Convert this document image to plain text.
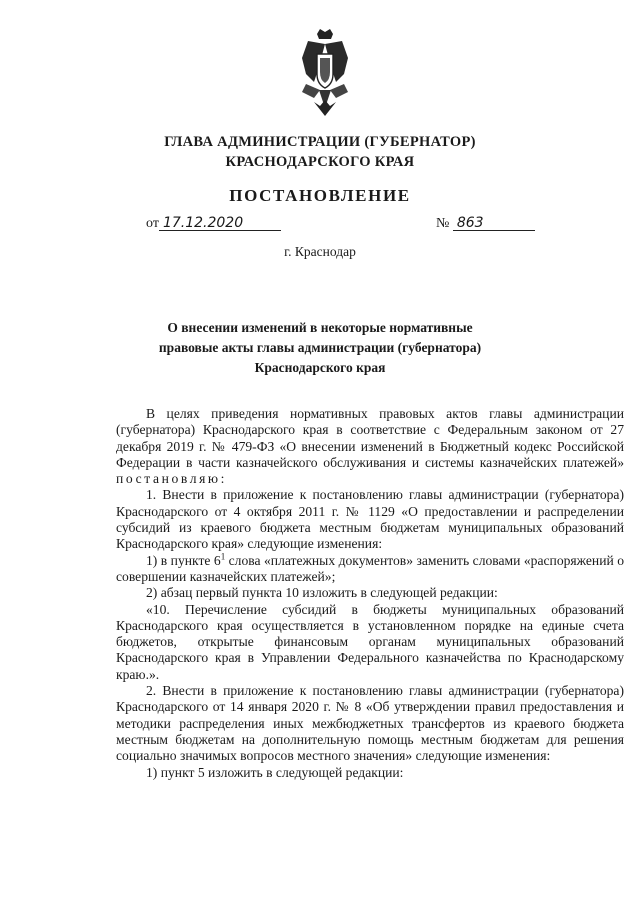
ГЛАВА АДМИНИСТРАЦИИ (ГУБЕРНАТОР)
КРАСНОДАРСКОГО КРАЯ
ПОСТАНОВЛЕНИЕ
от 17.12.2020	№ 863
г. Краснодар
О внесении изменений в некоторые нормативные
правовые акты главы администрации (губернатора)
Краснодарского края

В целях приведения нормативных правовых актов главы администрации (губернатора) Краснодарского края в соответствие с Федеральным законом от 27 декабря 2019 г. № 479-ФЗ «О внесении изменений в Бюджетный кодекс Российской Федерации в части казначейского обслуживания и системы казначейских платежей» постановляю:

1. Внести в приложение к постановлению главы администрации (губернатора) Краснодарского от 4 октября 2011 г. № 1129 «О предоставлении и распределении субсидий из краевого бюджета местным бюджетам муниципальных образований Краснодарского края» следующие изменения:

1) в пункте $6^1$ слова «платежных документов» заменить словами «распоряжений о совершении казначейских платежей»;

2) абзац первый пункта 10 изложить в следующей редакции:

«10. Перечисление субсидий в бюджеты муниципальных образований Краснодарского края осуществляется в установленном порядке на единые счета бюджетов, открытые финансовым органам муниципальных образований Краснодарского края в Управлении Федерального казначейства по Краснодарскому краю.».

2. Внести в приложение к постановлению главы администрации (губернатора) Краснодарского от 14 января 2020 г. № 8 «Об утверждении правил предоставления и методики распределения иных межбюджетных трансфертов из краевого бюджета местным бюджетам на дополнительную помощь местным бюджетам для решения социально значимых вопросов местного значения» следующие изменения:

1) пункт 5 изложить в следующей редакции:
